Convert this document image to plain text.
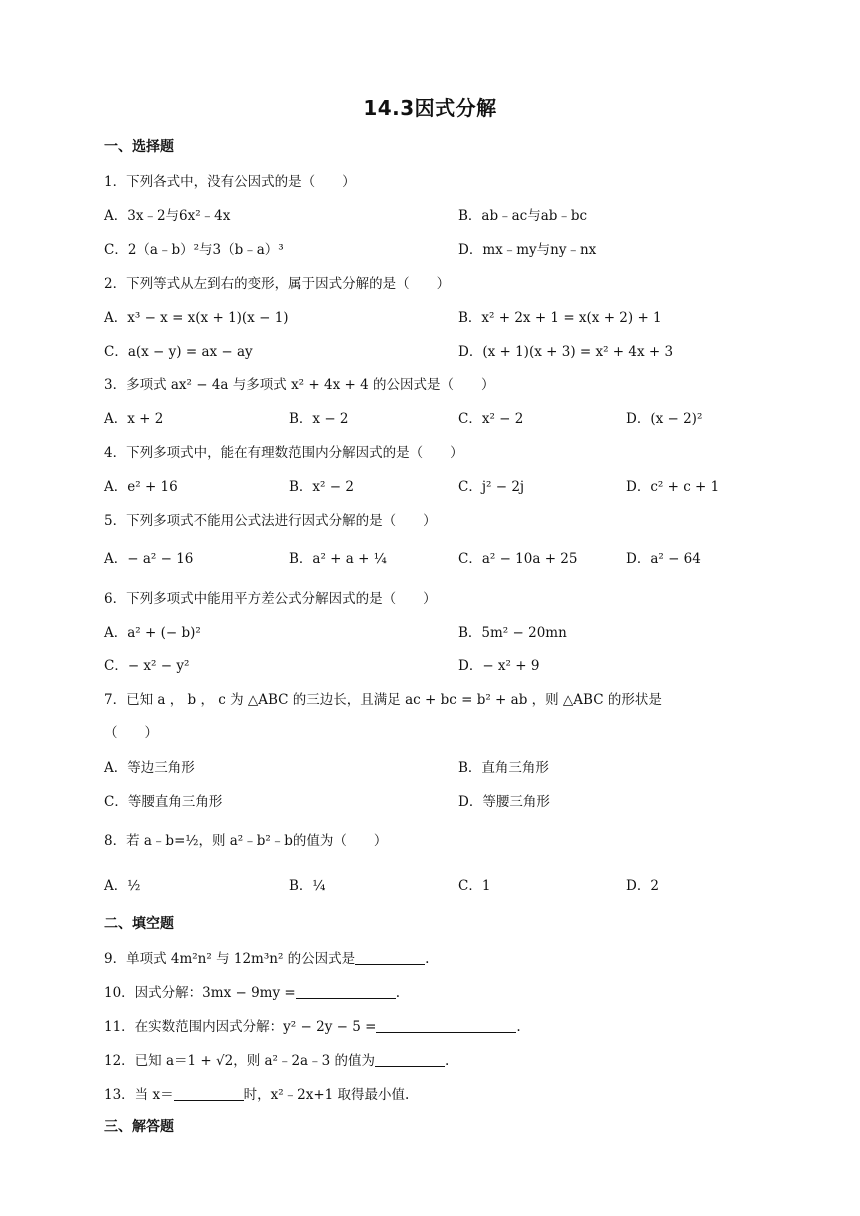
14.3因式分解
一、选择题
1．下列各式中，没有公因式的是（　　）
A．3x﹣2与6x²﹣4x	B．ab﹣ac与ab﹣bc
C．2（a﹣b）²与3（b﹣a）³	D．mx﹣my与ny﹣nx
2．下列等式从左到右的变形，属于因式分解的是（　　）
A．x³ − x = x(x + 1)(x − 1)	B．x² + 2x + 1 = x(x + 2) + 1
C．a(x − y) = ax − ay	D．(x + 1)(x + 3) = x² + 4x + 3
3．多项式 ax² − 4a 与多项式 x² + 4x + 4 的公因式是（　　）
A．x + 2	B．x − 2	C．x² − 2	D．(x − 2)²
4．下列多项式中，能在有理数范围内分解因式的是（　　）
A．e² + 16	B．x² − 2	C．j² − 2j	D．c² + c + 1
5．下列多项式不能用公式法进行因式分解的是（　　）
A．− a² − 16	B．a² + a + ¼	C．a² − 10a + 25	D．a² − 64
6．下列多项式中能用平方差公式分解因式的是（　　）
A．a² + (− b)²	B．5m² − 20mn
C．− x² − y²	D．− x² + 9
7．已知 a ， b ， c 为 △ABC 的三边长，且满足 ac + bc = b² + ab ，则 △ABC 的形状是
（　　）
A．等边三角形	B．直角三角形
C．等腰直角三角形	D．等腰三角形
8．若 a﹣b=½，则 a²﹣b²﹣b的值为（　　）
A．½	B．¼	C．1	D．2
二、填空题
9．单项式 4m²n² 与 12m³n² 的公因式是	.
10．因式分解：3mx − 9my =	.
11．在实数范围内因式分解：y² − 2y − 5 =	.
12．已知 a＝1 + √2，则 a²﹣2a﹣3 的值为	.
13．当 x＝	时，x²﹣2x+1 取得最小值.
三、解答题
